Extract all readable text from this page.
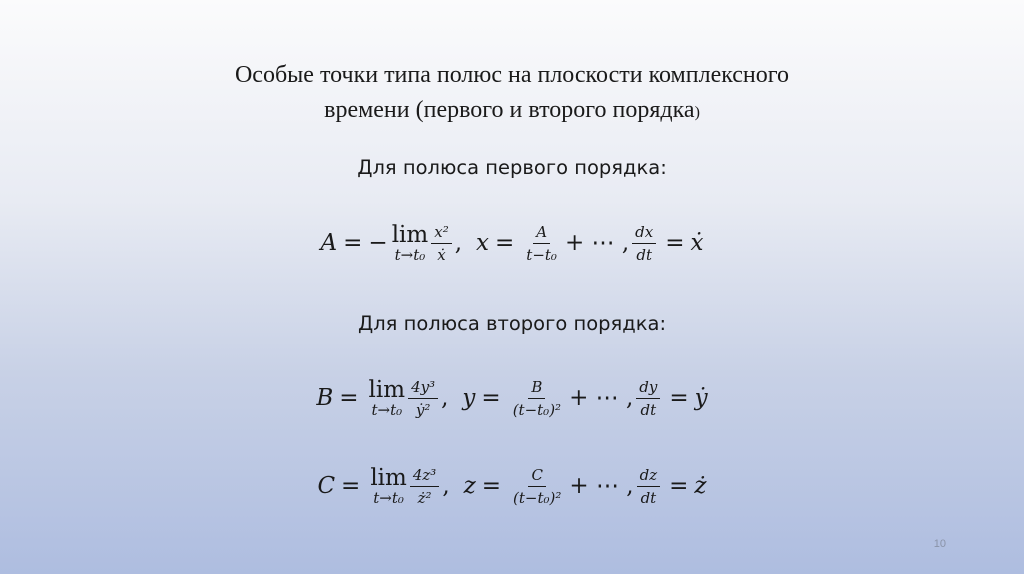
Особые точки типа полюс на плоскости комплексного
времени (первого и второго порядка)
Для полюса первого порядка:
A = − lim
$t\to t_0 \frac{\text{x²}}{\text{ẋ}}$ , $x = \frac{A}{\text{t−t₀}}$ + ⋯ , $\frac{dx}{dt}$ = ẋ
Для полюса второго порядка:
B = lim
$t\to t_0 \frac{\text{4y³}}{\text{ẏ²}}$ , $y = \frac{B}{\text{(t−t₀)²}}$ + ⋯ , $\frac{dy}{dt}$ = ẏ
C = lim
$t\to t_0 \frac{\text{4z³}}{\text{ż²}}$ , $z = \frac{C}{\text{(t−t₀)²}}$ + ⋯ , $\frac{dz}{dt}$ = ż
10
